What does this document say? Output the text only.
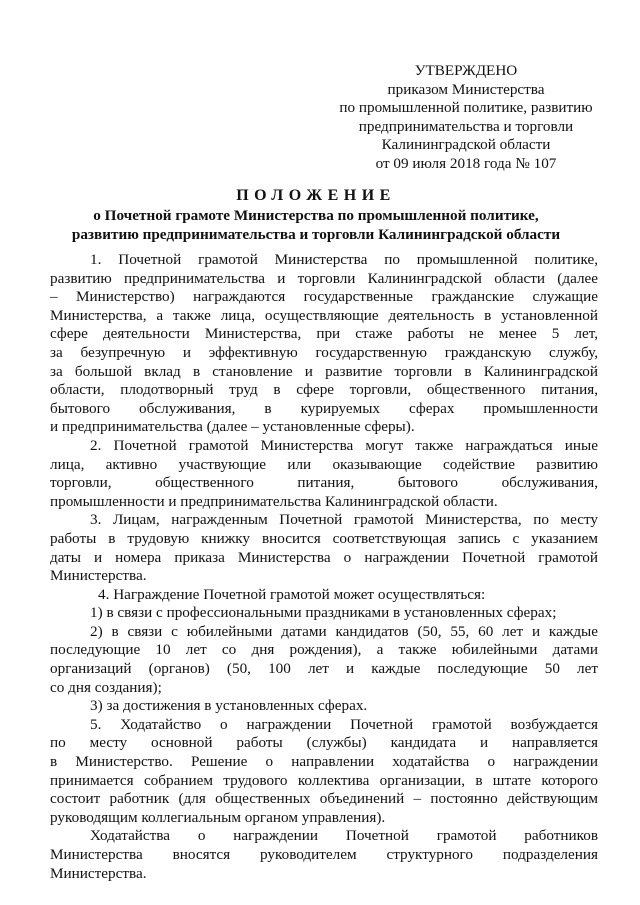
УТВЕРЖДЕНО
приказом Министерства
по промышленной политике, развитию
предпринимательства и торговли
Калининградской области
от 09 июля 2018 года № 107
ПОЛОЖЕНИЕ
о Почетной грамоте Министерства по промышленной политике,
развитию предпринимательства и торговли Калининградской области
1. Почетной грамотой Министерства по промышленной политике,
развитию предпринимательства и торговли Калининградской области (далее
– Министерство) награждаются государственные гражданские служащие
Министерства, а также лица, осуществляющие деятельность в установленной
сфере деятельности Министерства, при стаже работы не менее 5 лет,
за безупречную и эффективную государственную гражданскую службу,
за большой вклад в становление и развитие торговли в Калининградской
области, плодотворный труд в сфере торговли, общественного питания,
бытового обслуживания, в курируемых сферах промышленности
и предпринимательства (далее – установленные сферы).
2. Почетной грамотой Министерства могут также награждаться иные
лица, активно участвующие или оказывающие содействие развитию
торговли, общественного питания, бытового обслуживания,
промышленности и предпринимательства Калининградской области.
3. Лицам, награжденным Почетной грамотой Министерства, по месту
работы в трудовую книжку вносится соответствующая запись с указанием
даты и номера приказа Министерства о награждении Почетной грамотой
Министерства.
4. Награждение Почетной грамотой может осуществляться:
1) в связи с профессиональными праздниками в установленных сферах;
2) в связи с юбилейными датами кандидатов (50, 55, 60 лет и каждые
последующие 10 лет со дня рождения), а также юбилейными датами
организаций (органов) (50, 100 лет и каждые последующие 50 лет
со дня создания);
3) за достижения в установленных сферах.
5. Ходатайство о награждении Почетной грамотой возбуждается
по месту основной работы (службы) кандидата и направляется
в Министерство. Решение о направлении ходатайства о награждении
принимается собранием трудового коллектива организации, в штате которого
состоит работник (для общественных объединений – постоянно действующим
руководящим коллегиальным органом управления).
Ходатайства о награждении Почетной грамотой работников
Министерства вносятся руководителем структурного подразделения
Министерства.
